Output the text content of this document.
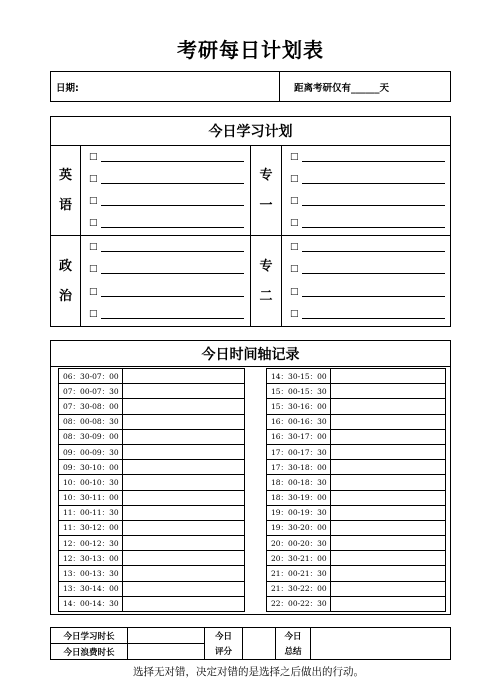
考研每日计划表
日期:	距离考研仅有______天
今日学习计划
英
语
□
□
□
□
专
一
□
□
□
□
政
治
□
□
□
□
专
二
□
□
□
□
今日时间轴记录
06：30-07：00
07：00-07：30
07：30-08：00
08：00-08：30
08：30-09：00
09：00-09：30
09：30-10：00
10：00-10：30
10：30-11：00
11：00-11：30
11：30-12：00
12：00-12：30
12：30-13：00
13：00-13：30
13：30-14：00
14：00-14：30
14：30-15：00
15：00-15：30
15：30-16：00
16：00-16：30
16：30-17：00
17：00-17：30
17：30-18：00
18：00-18：30
18：30-19：00
19：00-19：30
19：30-20：00
20：00-20：30
20：30-21：00
21：00-21：30
21：30-22：00
22：00-22：30
今日学习时长	今日
评分
今日
总结
今日浪费时长
选择无对错，决定对错的是选择之后做出的行动。
